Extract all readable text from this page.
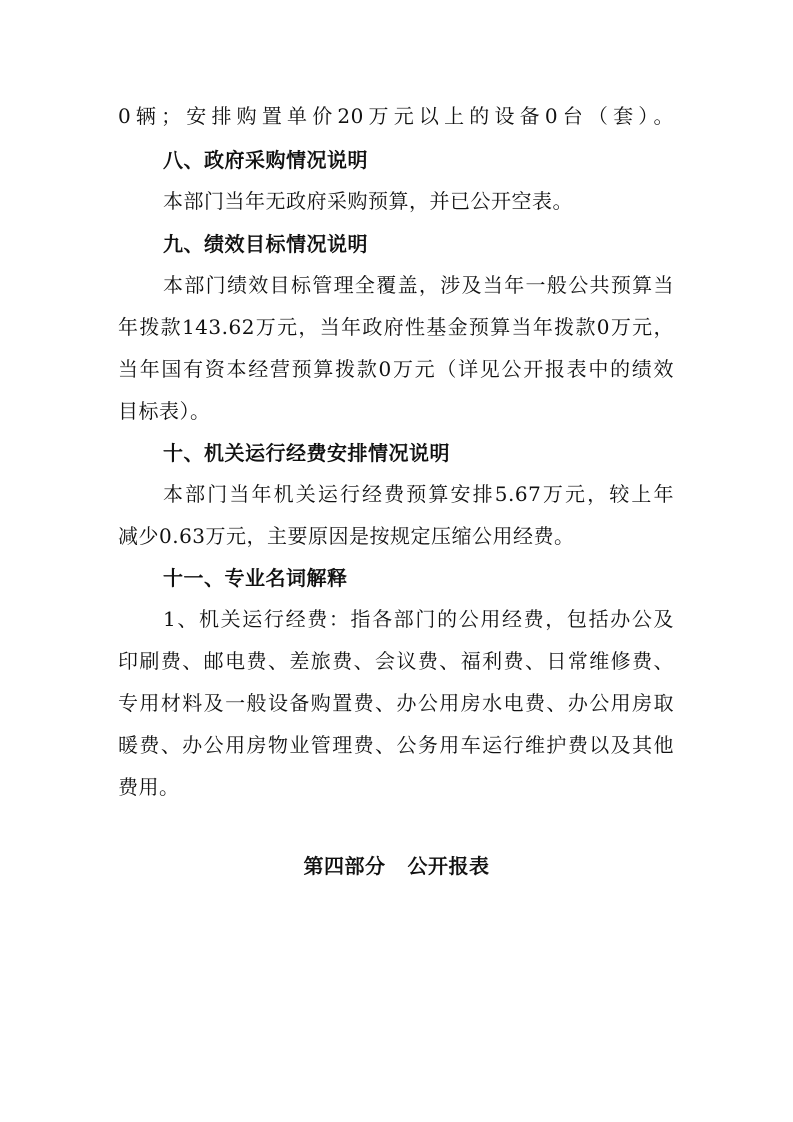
0辆；安排购置单价20万元以上的设备0台（套）。
八、政府采购情况说明
本部门当年无政府采购预算，并已公开空表。
九、绩效目标情况说明
本部门绩效目标管理全覆盖，涉及当年一般公共预算当
年拨款143.62万元，当年政府性基金预算当年拨款0万元，
当年国有资本经营预算拨款0万元（详见公开报表中的绩效
目标表）。
十、机关运行经费安排情况说明
本部门当年机关运行经费预算安排5.67万元，较上年
减少0.63万元，主要原因是按规定压缩公用经费。
十一、专业名词解释
1、机关运行经费：指各部门的公用经费，包括办公及
印刷费、邮电费、差旅费、会议费、福利费、日常维修费、
专用材料及一般设备购置费、办公用房水电费、办公用房取
暖费、办公用房物业管理费、公务用车运行维护费以及其他
费用。
第四部分 公开报表
